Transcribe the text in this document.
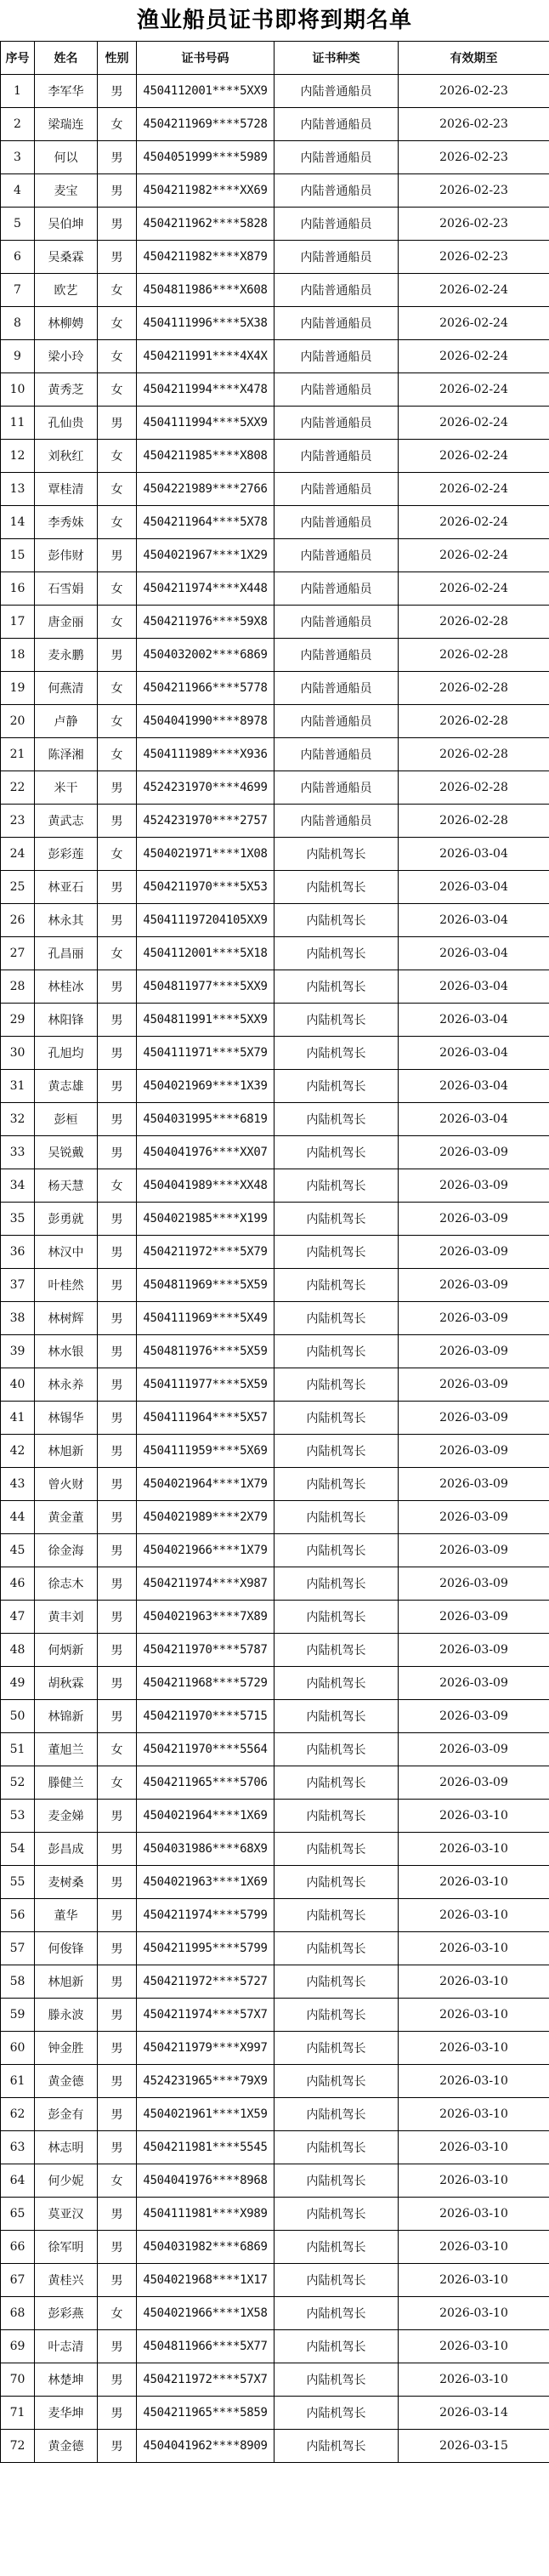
渔业船员证书即将到期名单
序号	姓名	性别	证书号码	证书种类	有效期至
1	李军华	男	4504112001****5XX9	内陆普通船员	2026-02-23
2	梁瑞连	女	4504211969****5728	内陆普通船员	2026-02-23
3	何以	男	4504051999****5989	内陆普通船员	2026-02-23
4	麦宝	男	4504211982****XX69	内陆普通船员	2026-02-23
5	吴伯坤	男	4504211962****5828	内陆普通船员	2026-02-23
6	吴桑霖	男	4504211982****X879	内陆普通船员	2026-02-23
7	欧艺	女	4504811986****X608	内陆普通船员	2026-02-24
8	林柳娉	女	4504111996****5X38	内陆普通船员	2026-02-24
9	梁小玲	女	4504211991****4X4X	内陆普通船员	2026-02-24
10	黄秀芝	女	4504211994****X478	内陆普通船员	2026-02-24
11	孔仙贵	男	4504111994****5XX9	内陆普通船员	2026-02-24
12	刘秋红	女	4504211985****X808	内陆普通船员	2026-02-24
13	覃桂清	女	4504221989****2766	内陆普通船员	2026-02-24
14	李秀妹	女	4504211964****5X78	内陆普通船员	2026-02-24
15	彭伟财	男	4504021967****1X29	内陆普通船员	2026-02-24
16	石雪娟	女	4504211974****X448	内陆普通船员	2026-02-24
17	唐金丽	女	4504211976****59X8	内陆普通船员	2026-02-28
18	麦永鹏	男	4504032002****6869	内陆普通船员	2026-02-28
19	何燕清	女	4504211966****5778	内陆普通船员	2026-02-28
20	卢静	女	4504041990****8978	内陆普通船员	2026-02-28
21	陈泽湘	女	4504111989****X936	内陆普通船员	2026-02-28
22	米干	男	4524231970****4699	内陆普通船员	2026-02-28
23	黄武志	男	4524231970****2757	内陆普通船员	2026-02-28
24	彭彩莲	女	4504021971****1X08	内陆机驾长	2026-03-04
25	林亚石	男	4504211970****5X53	内陆机驾长	2026-03-04
26	林永其	男	450411197204105XX9	内陆机驾长	2026-03-04
27	孔昌丽	女	4504112001****5X18	内陆机驾长	2026-03-04
28	林桂冰	男	4504811977****5XX9	内陆机驾长	2026-03-04
29	林阳锋	男	4504811991****5XX9	内陆机驾长	2026-03-04
30	孔旭均	男	4504111971****5X79	内陆机驾长	2026-03-04
31	黄志雄	男	4504021969****1X39	内陆机驾长	2026-03-04
32	彭桓	男	4504031995****6819	内陆机驾长	2026-03-04
33	吴锐戴	男	4504041976****XX07	内陆机驾长	2026-03-09
34	杨天慧	女	4504041989****XX48	内陆机驾长	2026-03-09
35	彭勇就	男	4504021985****X199	内陆机驾长	2026-03-09
36	林汉中	男	4504211972****5X79	内陆机驾长	2026-03-09
37	叶桂然	男	4504811969****5X59	内陆机驾长	2026-03-09
38	林树辉	男	4504111969****5X49	内陆机驾长	2026-03-09
39	林水银	男	4504811976****5X59	内陆机驾长	2026-03-09
40	林永养	男	4504111977****5X59	内陆机驾长	2026-03-09
41	林锡华	男	4504111964****5X57	内陆机驾长	2026-03-09
42	林旭新	男	4504111959****5X69	内陆机驾长	2026-03-09
43	曾火财	男	4504021964****1X79	内陆机驾长	2026-03-09
44	黄金董	男	4504021989****2X79	内陆机驾长	2026-03-09
45	徐金海	男	4504021966****1X79	内陆机驾长	2026-03-09
46	徐志木	男	4504211974****X987	内陆机驾长	2026-03-09
47	黄丰刘	男	4504021963****7X89	内陆机驾长	2026-03-09
48	何炳新	男	4504211970****5787	内陆机驾长	2026-03-09
49	胡秋霖	男	4504211968****5729	内陆机驾长	2026-03-09
50	林锦新	男	4504211970****5715	内陆机驾长	2026-03-09
51	董旭兰	女	4504211970****5564	内陆机驾长	2026-03-09
52	滕健兰	女	4504211965****5706	内陆机驾长	2026-03-09
53	麦金娣	男	4504021964****1X69	内陆机驾长	2026-03-10
54	彭昌成	男	4504031986****68X9	内陆机驾长	2026-03-10
55	麦树桑	男	4504021963****1X69	内陆机驾长	2026-03-10
56	董华	男	4504211974****5799	内陆机驾长	2026-03-10
57	何俊锋	男	4504211995****5799	内陆机驾长	2026-03-10
58	林旭新	男	4504211972****5727	内陆机驾长	2026-03-10
59	滕永波	男	4504211974****57X7	内陆机驾长	2026-03-10
60	钟金胜	男	4504211979****X997	内陆机驾长	2026-03-10
61	黄金德	男	4524231965****79X9	内陆机驾长	2026-03-10
62	彭金有	男	4504021961****1X59	内陆机驾长	2026-03-10
63	林志明	男	4504211981****5545	内陆机驾长	2026-03-10
64	何少妮	女	4504041976****8968	内陆机驾长	2026-03-10
65	莫亚汉	男	4504111981****X989	内陆机驾长	2026-03-10
66	徐军明	男	4504031982****6869	内陆机驾长	2026-03-10
67	黄桂兴	男	4504021968****1X17	内陆机驾长	2026-03-10
68	彭彩燕	女	4504021966****1X58	内陆机驾长	2026-03-10
69	叶志清	男	4504811966****5X77	内陆机驾长	2026-03-10
70	林楚坤	男	4504211972****57X7	内陆机驾长	2026-03-10
71	麦华坤	男	4504211965****5859	内陆机驾长	2026-03-14
72	黄金德	男	4504041962****8909	内陆机驾长	2026-03-15
